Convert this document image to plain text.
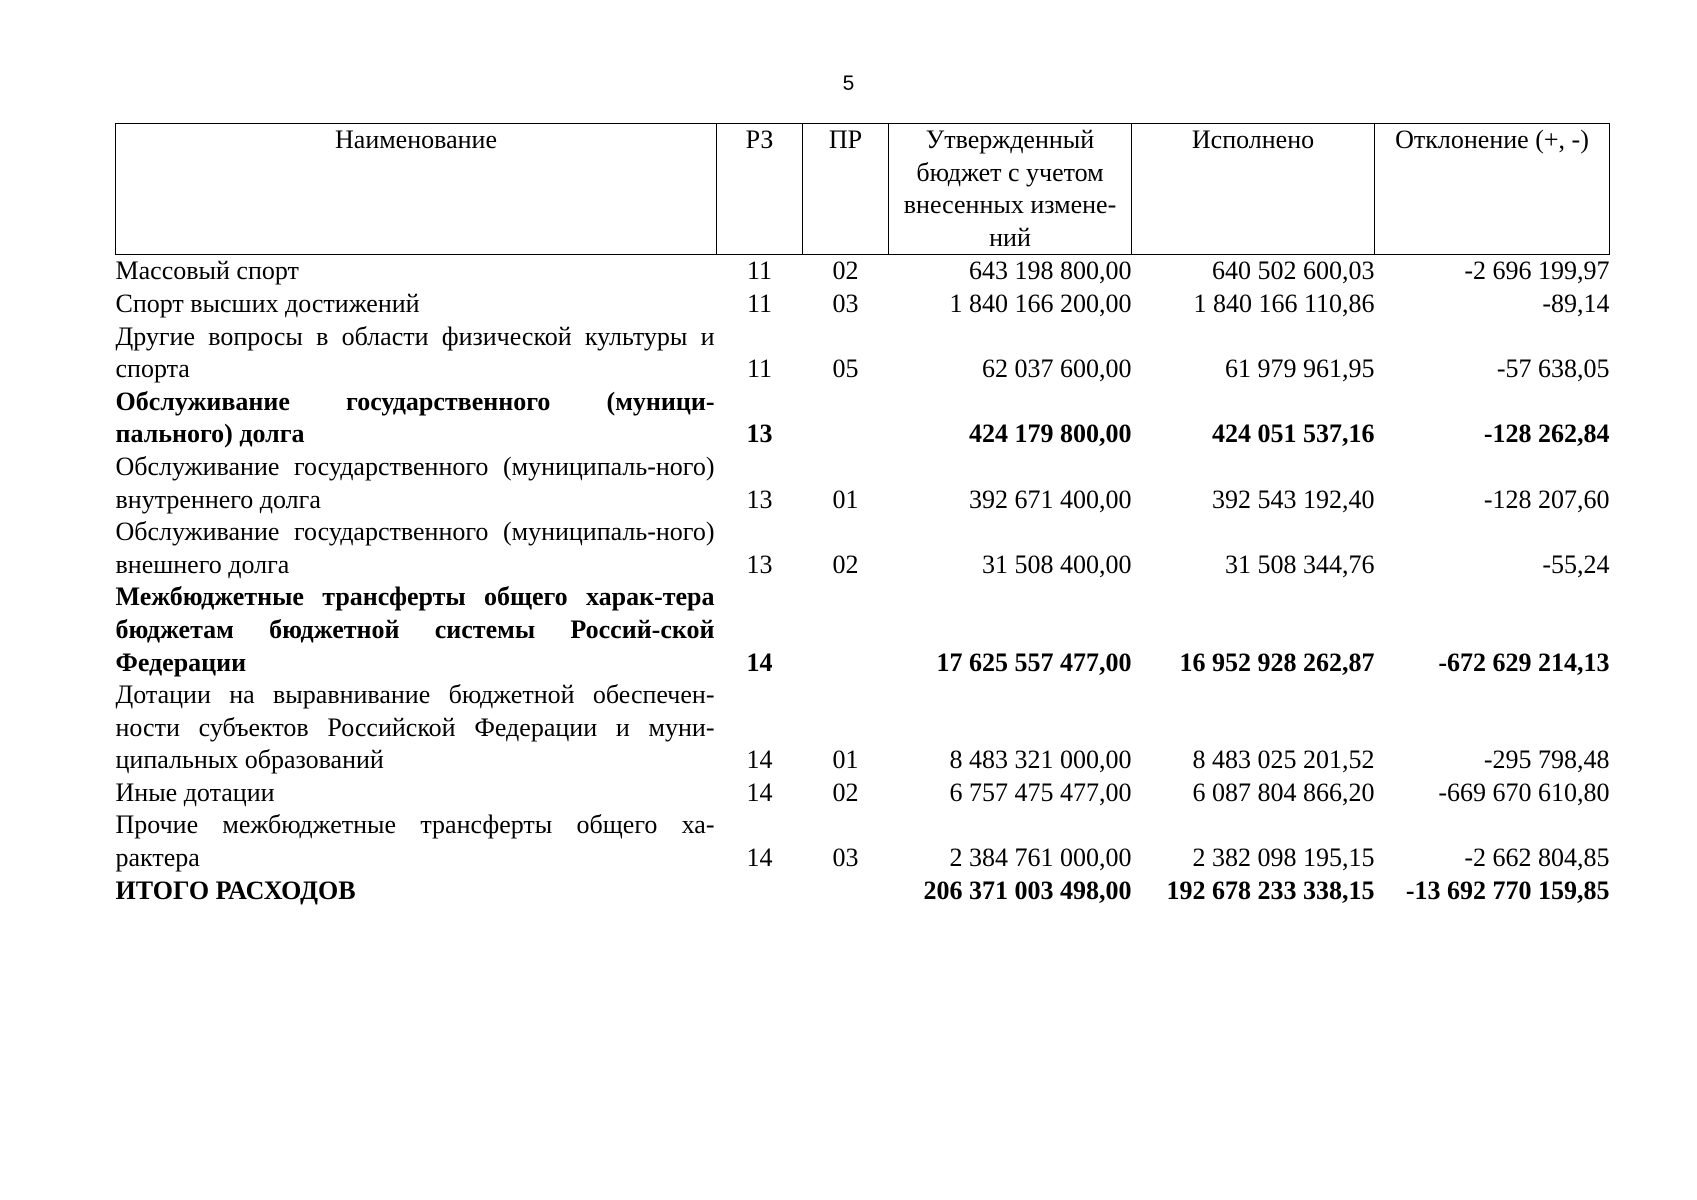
5
Наименование	РЗ	ПР	Утвержденный бюджет с учетом внесенных измене-ний	Исполнено	Отклонение (+, -)
Массовый спорт	11	02	643 198 800,00	640 502 600,03	-2 696 199,97
Спорт высших достижений	11	03	1 840 166 200,00	1 840 166 110,86	-89,14
Другие вопросы в области физической культуры и спорта	11	05	62 037 600,00	61 979 961,95	-57 638,05
Обслуживание государственного (муници-пального) долга	13		424 179 800,00	424 051 537,16	-128 262,84
Обслуживание государственного (муниципаль-ного) внутреннего долга	13	01	392 671 400,00	392 543 192,40	-128 207,60
Обслуживание государственного (муниципаль-ного) внешнего долга	13	02	31 508 400,00	31 508 344,76	-55,24
Межбюджетные трансферты общего харак-тера бюджетам бюджетной системы Россий-ской Федерации	14		17 625 557 477,00	16 952 928 262,87	-672 629 214,13
Дотации на выравнивание бюджетной обеспечен-ности субъектов Российской Федерации и муни-ципальных образований	14	01	8 483 321 000,00	8 483 025 201,52	-295 798,48
Иные дотации	14	02	6 757 475 477,00	6 087 804 866,20	-669 670 610,80
Прочие межбюджетные трансферты общего ха-рактера	14	03	2 384 761 000,00	2 382 098 195,15	-2 662 804,85
ИТОГО РАСХОДОВ			206 371 003 498,00	192 678 233 338,15	-13 692 770 159,85
